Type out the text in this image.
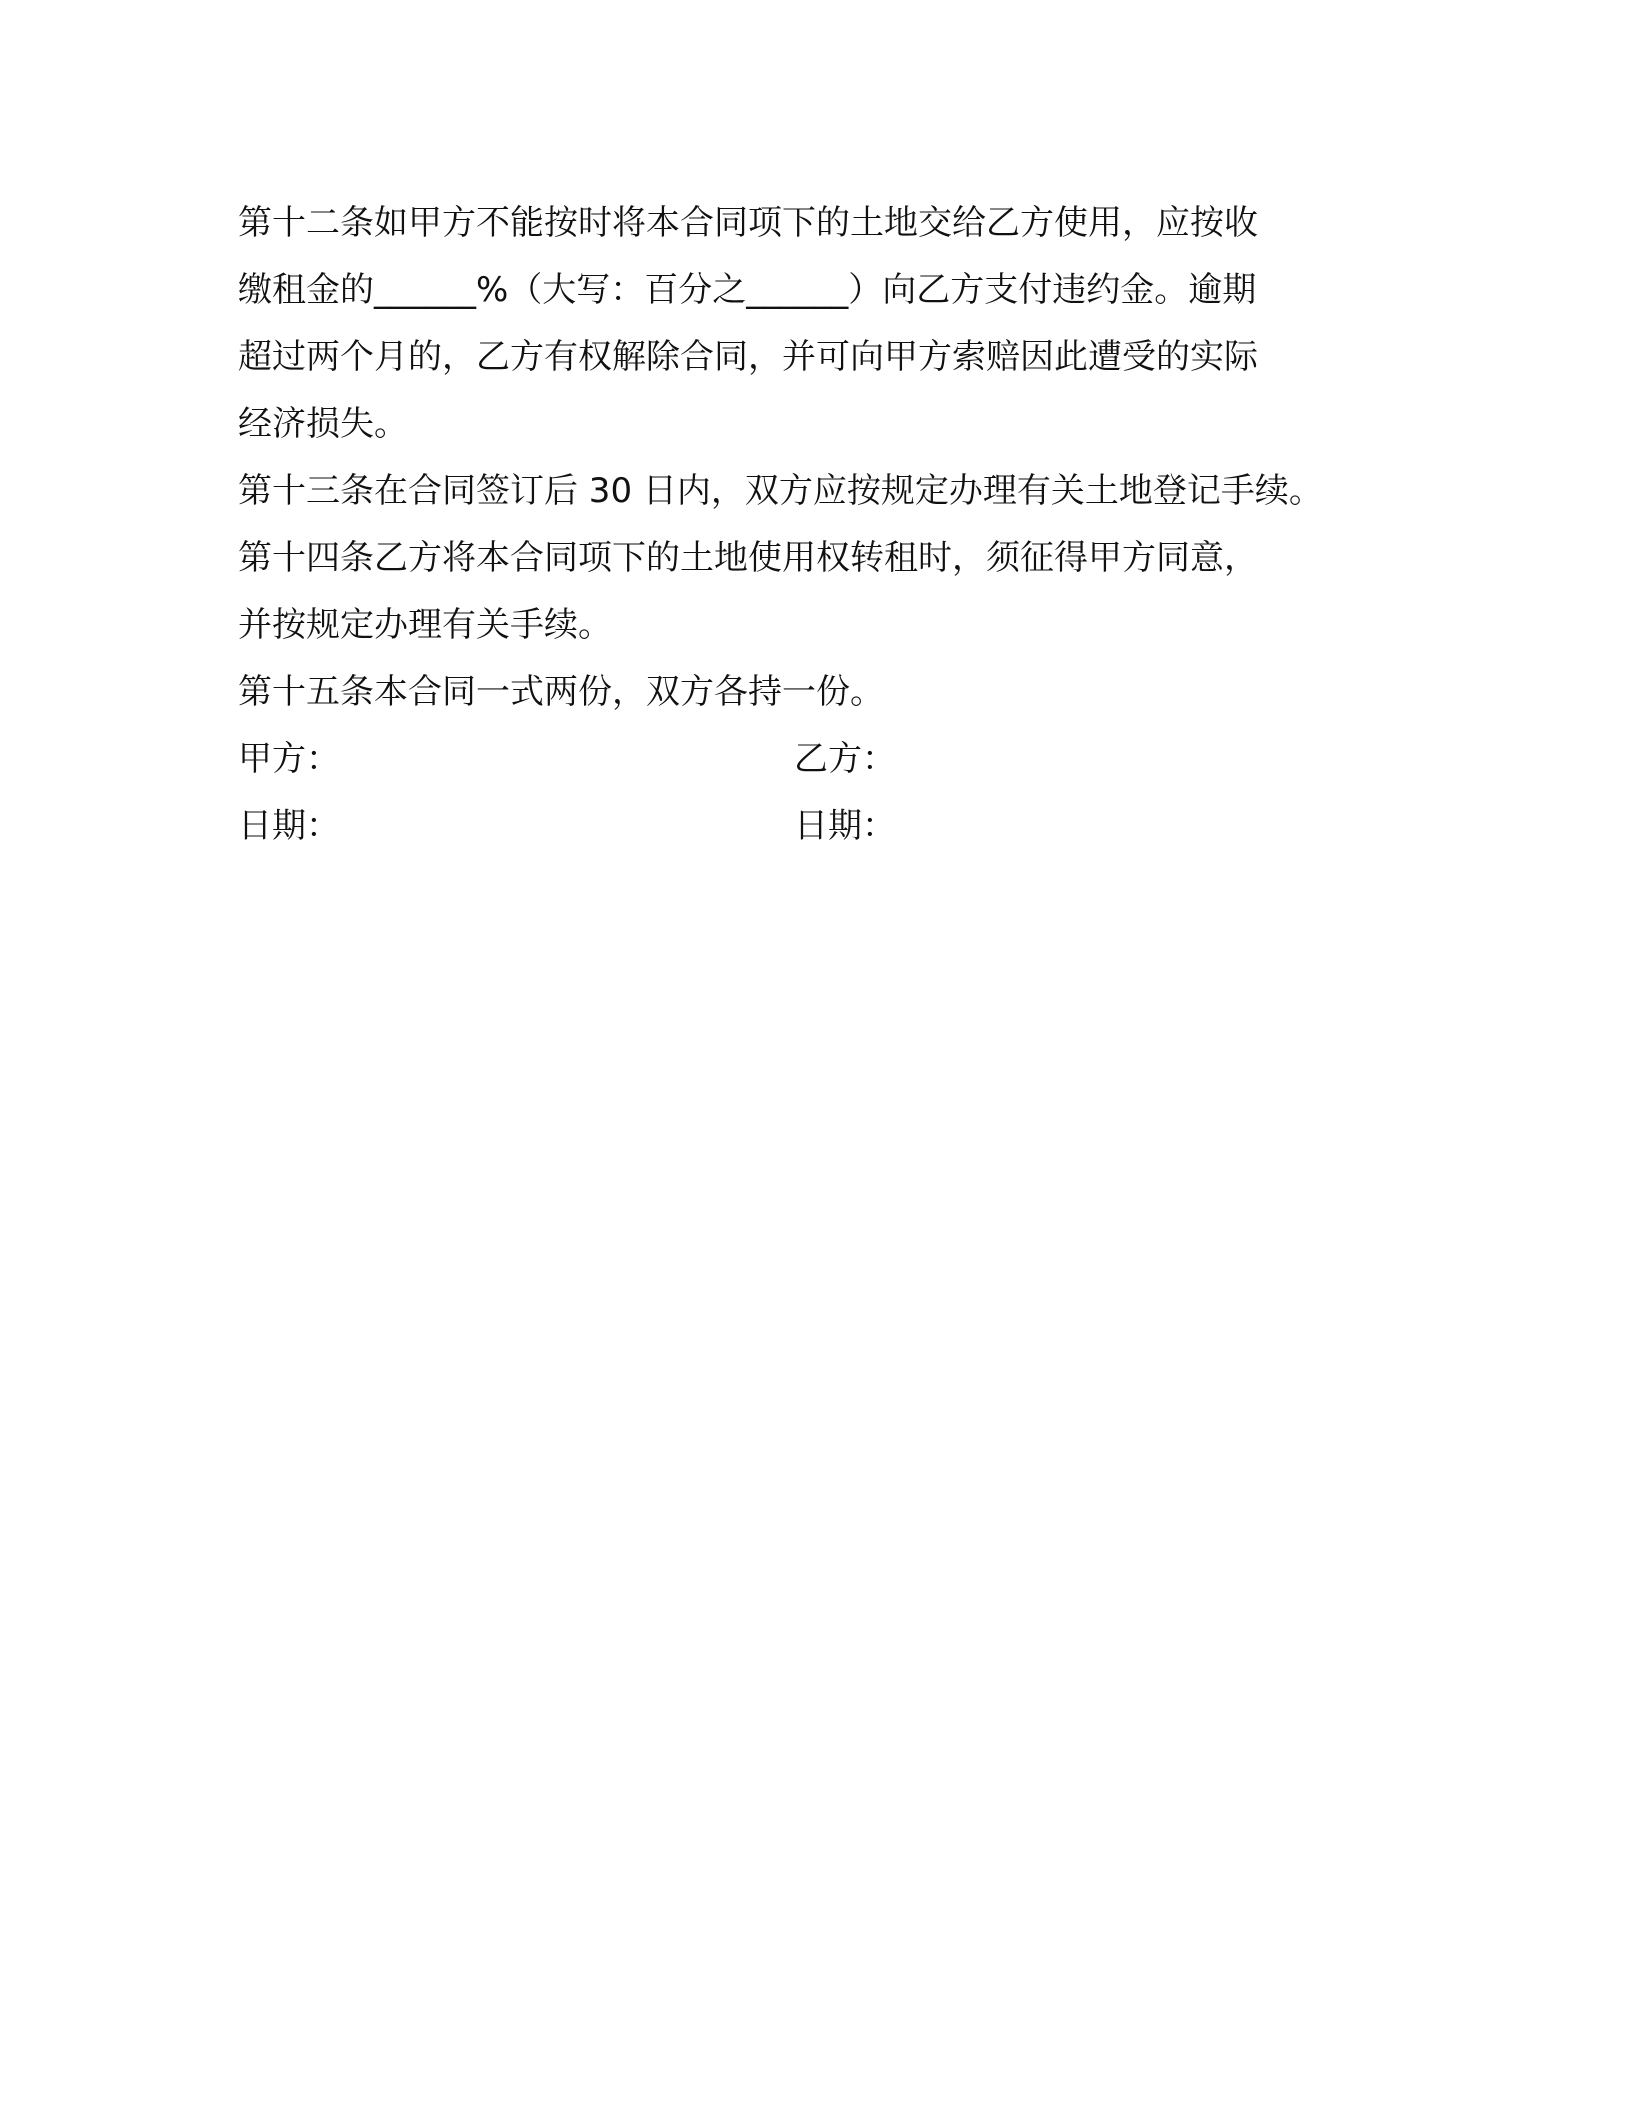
第十二条如甲方不能按时将本合同项下的土地交给乙方使用，应按收
缴租金的______%（大写：百分之______）向乙方支付违约金。逾期
超过两个月的，乙方有权解除合同，并可向甲方索赔因此遭受的实际
经济损失。
第十三条在合同签订后 30 日内，双方应按规定办理有关土地登记手续。
第十四条乙方将本合同项下的土地使用权转租时，须征得甲方同意，
并按规定办理有关手续。
第十五条本合同一式两份，双方各持一份。
甲方：	乙方：
日期：	日期：
